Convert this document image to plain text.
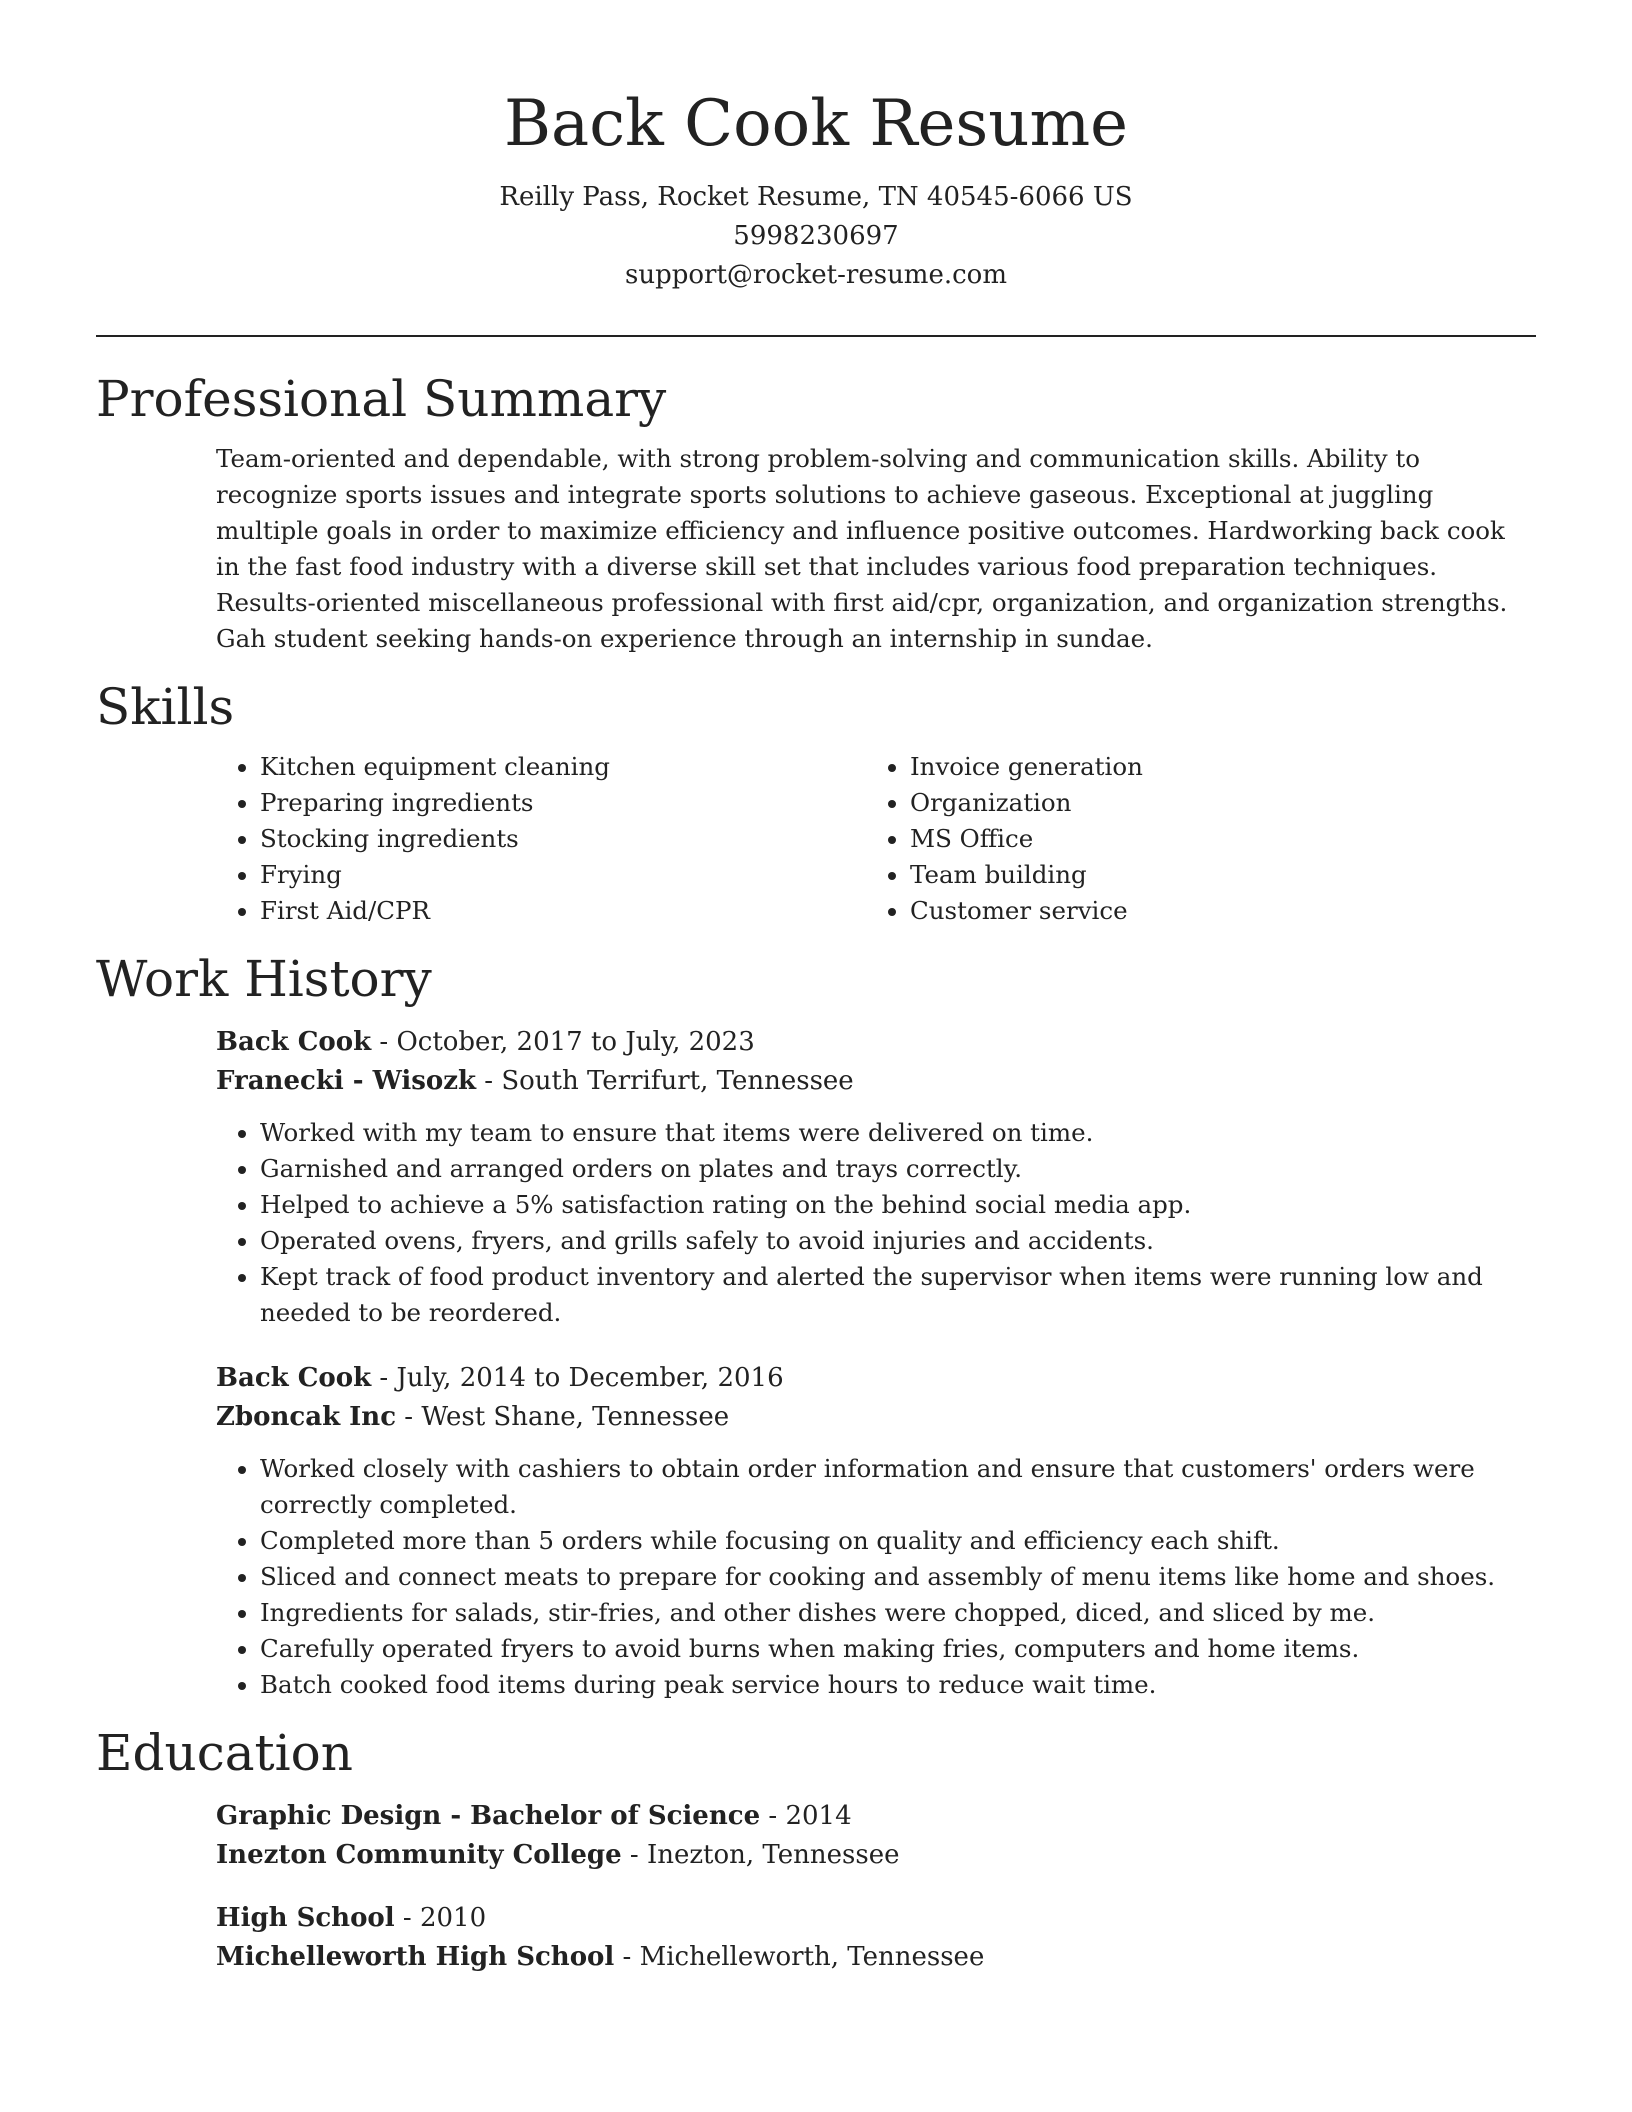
Back Cook Resume
Reilly Pass, Rocket Resume, TN 40545-6066 US
5998230697
support@rocket-resume.com
Professional Summary

Team-oriented and dependable, with strong problem-solving and communication skills. Ability to recognize sports issues and integrate sports solutions to achieve gaseous. Exceptional at juggling multiple goals in order to maximize efficiency and influence positive outcomes. Hardworking back cook in the fast food industry with a diverse skill set that includes various food preparation techniques. Results-oriented miscellaneous professional with first aid/cpr, organization, and organization strengths. Gah student seeking hands-on experience through an internship in sundae.

Skills
• Kitchen equipment cleaning
• Preparing ingredients
• Stocking ingredients
• Frying
• First Aid/CPR
• Invoice generation
• Organization
• MS Office
• Team building
• Customer service
Work History
Back Cook - October, 2017 to July, 2023
Franecki - Wisozk - South Terrifurt, Tennessee
• Worked with my team to ensure that items were delivered on time.
• Garnished and arranged orders on plates and trays correctly.
• Helped to achieve a 5% satisfaction rating on the behind social media app.
• Operated ovens, fryers, and grills safely to avoid injuries and accidents.
• Kept track of food product inventory and alerted the supervisor when items were running low and needed to be reordered.
Back Cook - July, 2014 to December, 2016
Zboncak Inc - West Shane, Tennessee
• Worked closely with cashiers to obtain order information and ensure that customers' orders were correctly completed.
• Completed more than 5 orders while focusing on quality and efficiency each shift.
• Sliced and connect meats to prepare for cooking and assembly of menu items like home and shoes.
• Ingredients for salads, stir-fries, and other dishes were chopped, diced, and sliced by me.
• Carefully operated fryers to avoid burns when making fries, computers and home items.
• Batch cooked food items during peak service hours to reduce wait time.
Education
Graphic Design - Bachelor of Science - 2014
Inezton Community College - Inezton, Tennessee
High School - 2010
Michelleworth High School - Michelleworth, Tennessee
